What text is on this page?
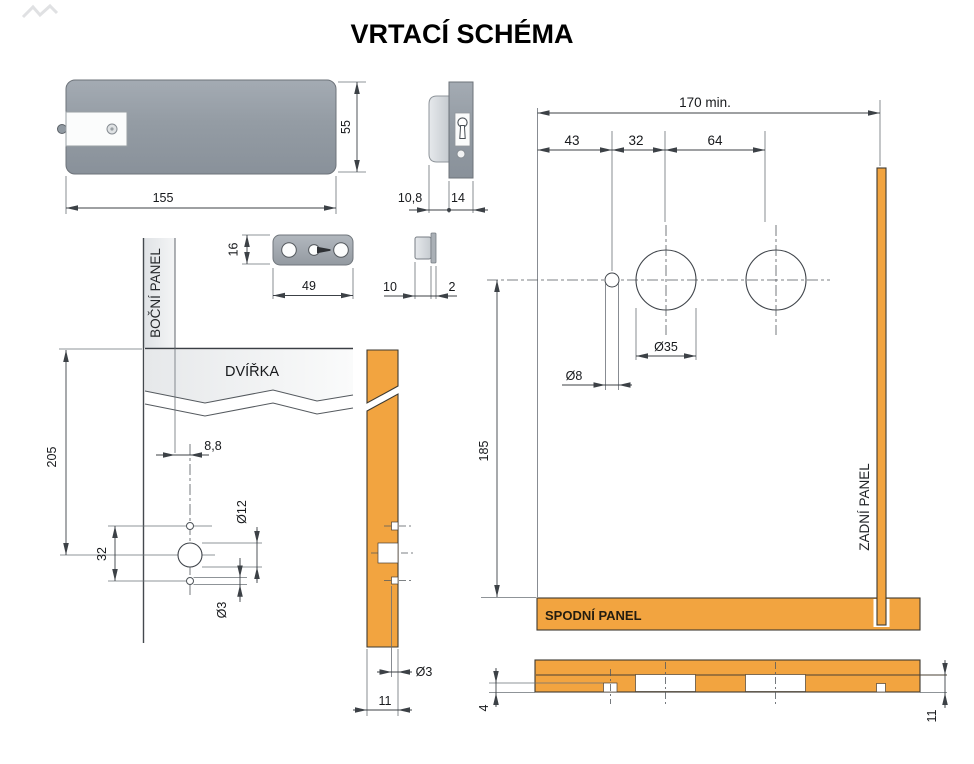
VRTACÍ SCHÉMA
55
155	10,8 14
16
49	10	2
BOČNÍ PANEL
DVÍŘKA
8,8
205
32
Ø12
Ø3
Ø3
11
170 min.
43	32	64
Ø35
Ø8
185
SPODNÍ PANEL
ZADNÍ PANEL
4
11
